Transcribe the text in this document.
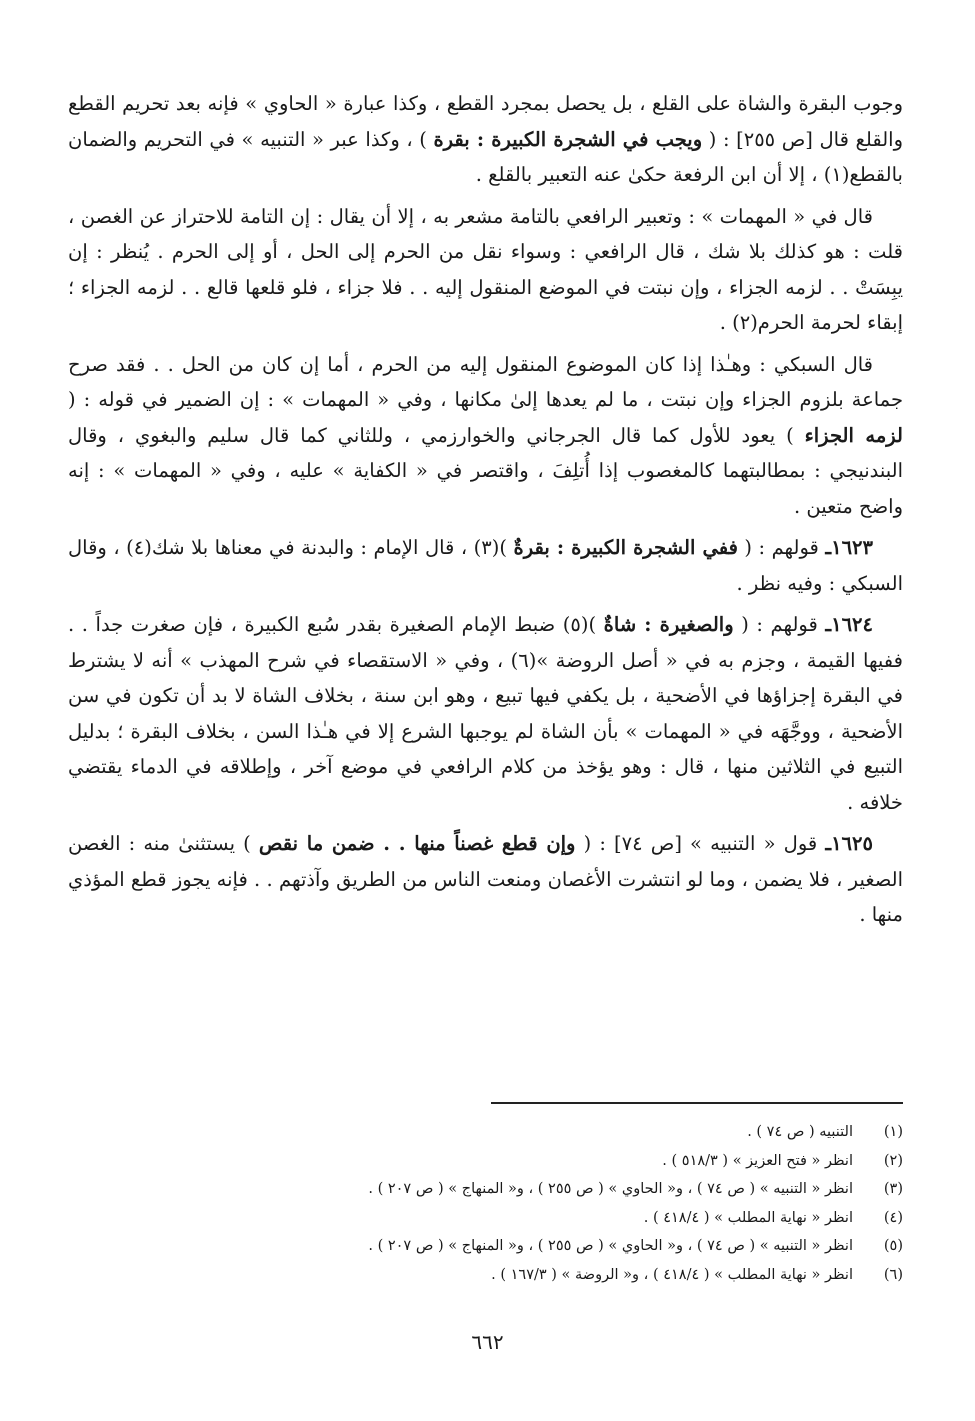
وجوب البقرة والشاة على القلع ، بل يحصل بمجرد القطع ، وكذا عبارة « الحاوي » فإنه بعد تحريم القطع والقلع قال [ص ٢٥٥] : ( ويجب في الشجرة الكبيرة : بقرة ) ، وكذا عبر « التنبيه » في التحريم والضمان بالقطع(١) ، إلا أن ابن الرفعة حكىٰ عنه التعبير بالقلع .

قال في « المهمات » : وتعبير الرافعي بالتامة مشعر به ، إلا أن يقال : إن التامة للاحتراز عن الغصن ، قلت : هو كذلك بلا شك ، قال الرافعي : وسواء نقل من الحرم إلى الحل ، أو إلى الحرم . يُنظر : إن يبِسَتْ . . لزمه الجزاء ، وإن نبتت في الموضع المنقول إليه . . فلا جزاء ، فلو قلعها قالع . . لزمه الجزاء ؛ إبقاء لحرمة الحرم(٢) .

قال السبكي : وهـٰذا إذا كان الموضوع المنقول إليه من الحرم ، أما إن كان من الحل . . فقد صرح جماعة بلزوم الجزاء وإن نبتت ، ما لم يعدها إلىٰ مكانها ، وفي « المهمات » : إن الضمير في قوله : ( لزمه الجزاء ) يعود للأول كما قال الجرجاني والخوارزمي ، وللثاني كما قال سليم والبغوي ، وقال البندنيجي : بمطالبتهما كالمغصوب إذا أُتلِفَ ، واقتصر في « الكفاية » عليه ، وفي « المهمات » : إنه واضح متعين .

١٦٢٣ـ قولهم : ( ففي الشجرة الكبيرة : بقرةٌ )(٣) ، قال الإمام : والبدنة في معناها بلا شك(٤) ، وقال السبكي : وفيه نظر .

١٦٢٤ـ قولهم : ( والصغيرة : شاةٌ )(٥) ضبط الإمام الصغيرة بقدر سُبع الكبيرة ، فإن صغرت جداً . . ففيها القيمة ، وجزم به في « أصل الروضة »(٦) ، وفي « الاستقصاء في شرح المهذب » أنه لا يشترط في البقرة إجزاؤها في الأضحية ، بل يكفي فيها تبيع ، وهو ابن سنة ، بخلاف الشاة لا بد أن تكون في سن الأضحية ، ووجَّهَه في « المهمات » بأن الشاة لم يوجبها الشرع إلا في هـٰذا السن ، بخلاف البقرة ؛ بدليل التبيع في الثلاثين منها ، قال : وهو يؤخذ من كلام الرافعي في موضع آخر ، وإطلاقه في الدماء يقتضي خلافه .

١٦٢٥ـ قول « التنبيه » [ص ٧٤] : ( وإن قطع غصناً منها . . ضمن ما نقص ) يستثنىٰ منه : الغصن الصغير ، فلا يضمن ، وما لو انتشرت الأغصان ومنعت الناس من الطريق وآذتهم . . فإنه يجوز قطع المؤذي منها .

(١)التنبيه ( ص ٧٤ ) .
(٢)انظر « فتح العزيز » ( ٥١٨/٣ ) .
(٣)انظر « التنبيه » ( ص ٧٤ ) ، و« الحاوي » ( ص ٢٥٥ ) ، و« المنهاج » ( ص ٢٠٧ ) .
(٤)انظر « نهاية المطلب » ( ٤١٨/٤ ) .
(٥)انظر « التنبيه » ( ص ٧٤ ) ، و« الحاوي » ( ص ٢٥٥ ) ، و« المنهاج » ( ص ٢٠٧ ) .
(٦)انظر « نهاية المطلب » ( ٤١٨/٤ ) ، و« الروضة » ( ١٦٧/٣ ) .
٦٦٢
